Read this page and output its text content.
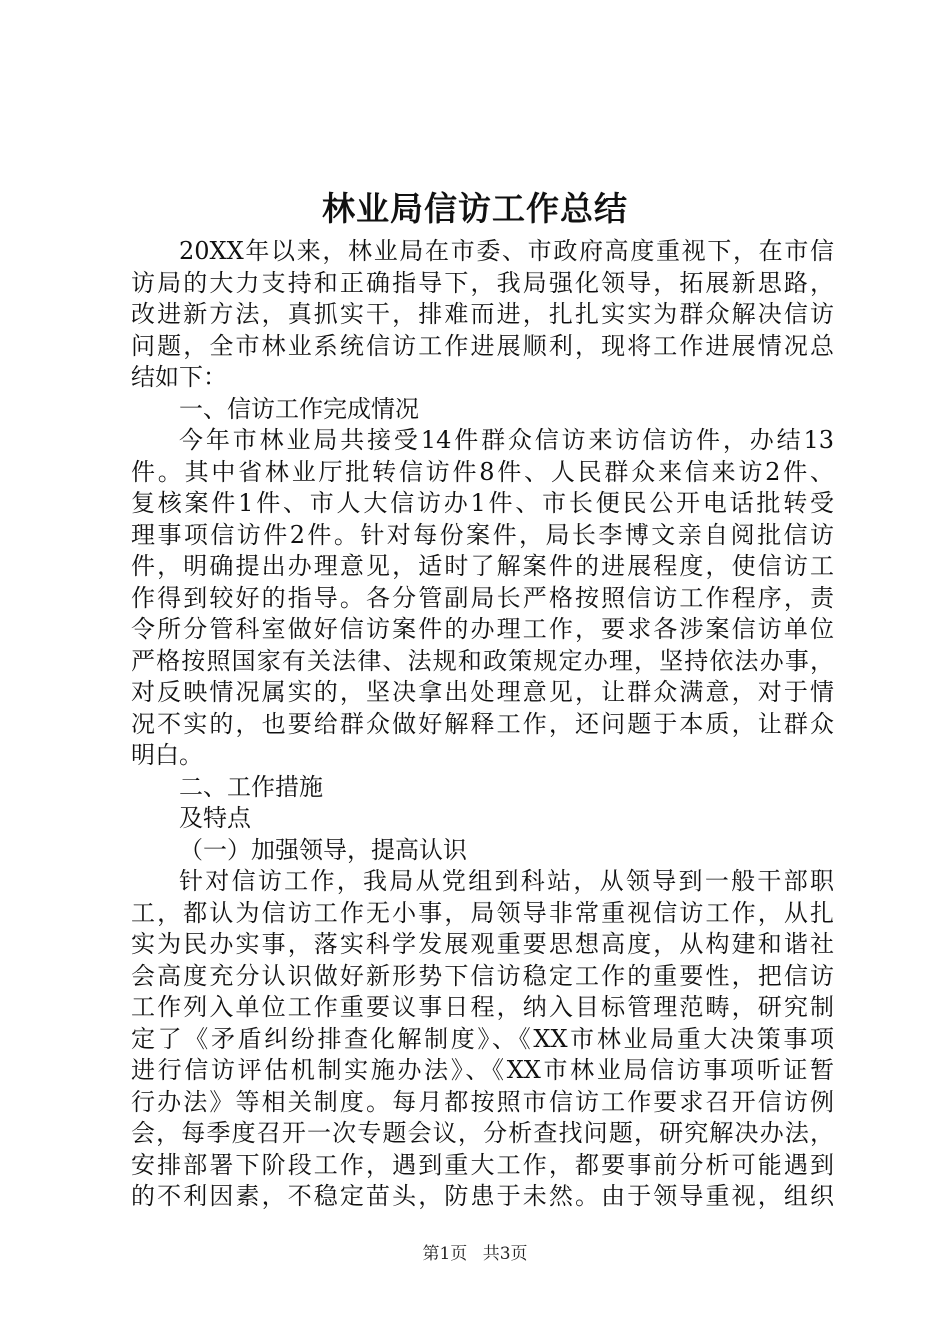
林业局信访工作总结
20XX年以来，林业局在市委、市政府高度重视下，在市信
访局的大力支持和正确指导下，我局强化领导，拓展新思路，
改进新方法，真抓实干，排难而进，扎扎实实为群众解决信访
问题，全市林业系统信访工作进展顺利，现将工作进展情况总
结如下：
一、信访工作完成情况
今年市林业局共接受14件群众信访来访信访件，办结13
件。其中省林业厅批转信访件8件、人民群众来信来访2件、
复核案件1件、市人大信访办1件、市长便民公开电话批转受
理事项信访件2件。针对每份案件，局长李博文亲自阅批信访
件，明确提出办理意见，适时了解案件的进展程度，使信访工
作得到较好的指导。各分管副局长严格按照信访工作程序，责
令所分管科室做好信访案件的办理工作，要求各涉案信访单位
严格按照国家有关法律、法规和政策规定办理，坚持依法办事，
对反映情况属实的，坚决拿出处理意见，让群众满意，对于情
况不实的，也要给群众做好解释工作，还问题于本质，让群众
明白。
二、工作措施
及特点
（一）加强领导，提高认识
针对信访工作，我局从党组到科站，从领导到一般干部职
工，都认为信访工作无小事，局领导非常重视信访工作，从扎
实为民办实事，落实科学发展观重要思想高度，从构建和谐社
会高度充分认识做好新形势下信访稳定工作的重要性，把信访
工作列入单位工作重要议事日程，纳入目标管理范畴，研究制
定了《矛盾纠纷排查化解制度》、《XX市林业局重大决策事项
进行信访评估机制实施办法》、《XX市林业局信访事项听证暂
行办法》等相关制度。每月都按照市信访工作要求召开信访例
会，每季度召开一次专题会议，分析查找问题，研究解决办法，
安排部署下阶段工作，遇到重大工作，都要事前分析可能遇到
的不利因素，不稳定苗头，防患于未然。由于领导重视，组织
第1页 共3页
